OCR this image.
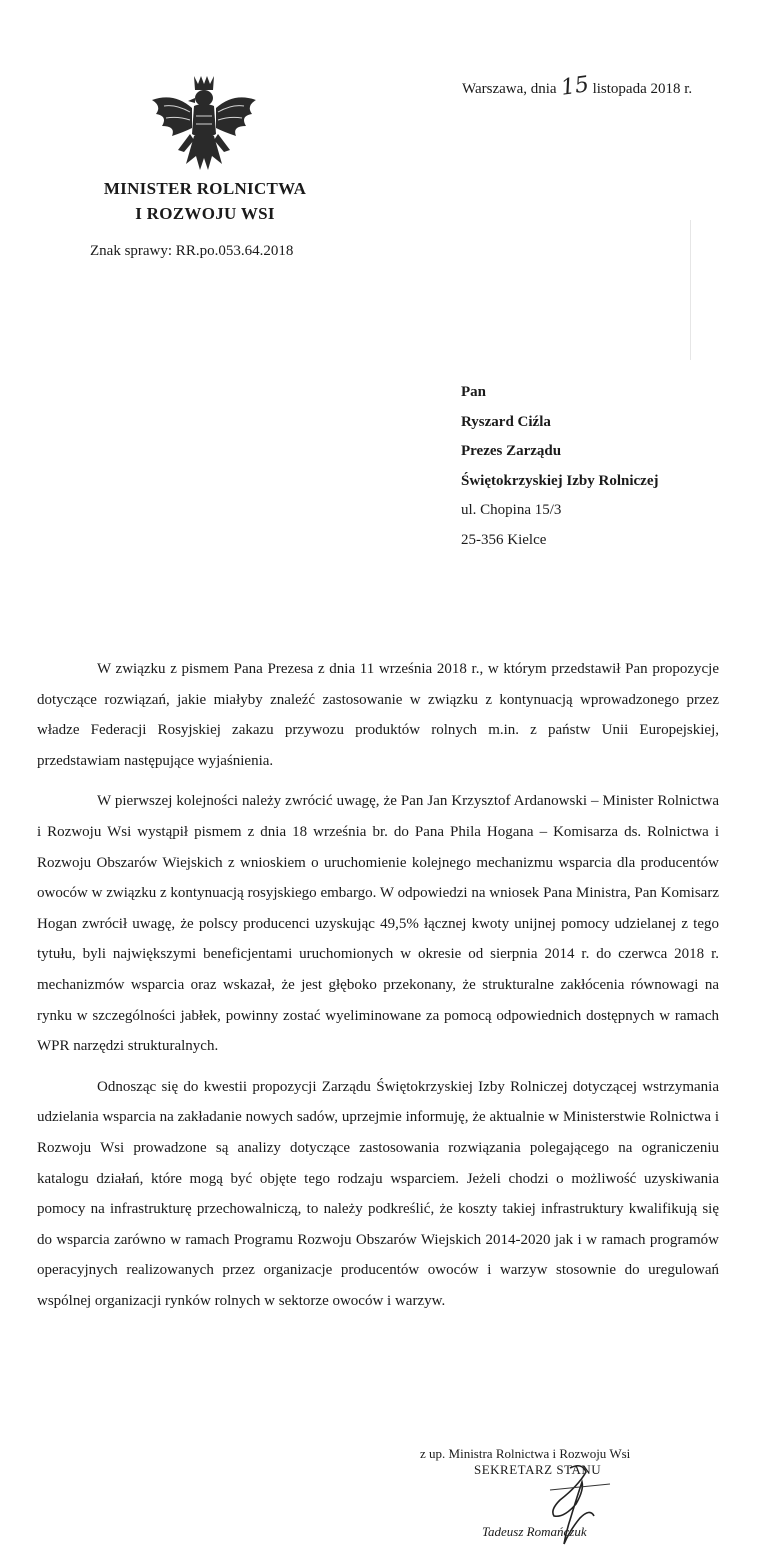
MINISTER ROLNICTWA
I ROZWOJU WSI
Znak sprawy: RR.po.053.64.2018
Warszawa, dnia 15 listopada 2018 r.
Pan
Ryszard Ciźla
Prezes Zarządu
Świętokrzyskiej Izby Rolniczej
ul. Chopina 15/3
25-356 Kielce

W związku z pismem Pana Prezesa z dnia 11 września 2018 r., w którym przedstawił Pan propozycje dotyczące rozwiązań, jakie miałyby znaleźć zastosowanie w związku z kontynuacją wprowadzonego przez władze Federacji Rosyjskiej zakazu przywozu produktów rolnych m.in. z państw Unii Europejskiej, przedstawiam następujące wyjaśnienia.

W pierwszej kolejności należy zwrócić uwagę, że Pan Jan Krzysztof Ardanowski – Minister Rolnictwa i Rozwoju Wsi wystąpił pismem z dnia 18 września br. do Pana Phila Hogana – Komisarza ds. Rolnictwa i Rozwoju Obszarów Wiejskich z wnioskiem o uruchomienie kolejnego mechanizmu wsparcia dla producentów owoców w związku z kontynuacją rosyjskiego embargo. W odpowiedzi na wniosek Pana Ministra, Pan Komisarz Hogan zwrócił uwagę, że polscy producenci uzyskując 49,5% łącznej kwoty unijnej pomocy udzielanej z tego tytułu, byli największymi beneficjentami uruchomionych w okresie od sierpnia 2014 r. do czerwca 2018 r. mechanizmów wsparcia oraz wskazał, że jest głęboko przekonany, że strukturalne zakłócenia równowagi na rynku w szczególności jabłek, powinny zostać wyeliminowane za pomocą odpowiednich dostępnych w ramach WPR narzędzi strukturalnych.

Odnosząc się do kwestii propozycji Zarządu Świętokrzyskiej Izby Rolniczej dotyczącej wstrzymania udzielania wsparcia na zakładanie nowych sadów, uprzejmie informuję, że aktualnie w Ministerstwie Rolnictwa i Rozwoju Wsi prowadzone są analizy dotyczące zastosowania rozwiązania polegającego na ograniczeniu katalogu działań, które mogą być objęte tego rodzaju wsparciem. Jeżeli chodzi o możliwość uzyskiwania pomocy na infrastrukturę przechowalniczą, to należy podkreślić, że koszty takiej infrastruktury kwalifikują się do wsparcia zarówno w ramach Programu Rozwoju Obszarów Wiejskich 2014-2020 jak i w ramach programów operacyjnych realizowanych przez organizacje producentów owoców i warzyw stosownie do uregulowań wspólnej organizacji rynków rolnych w sektorze owoców i warzyw.

z up. Ministra Rolnictwa i Rozwoju Wsi
SEKRETARZ STANU
Tadeusz Romańczuk
